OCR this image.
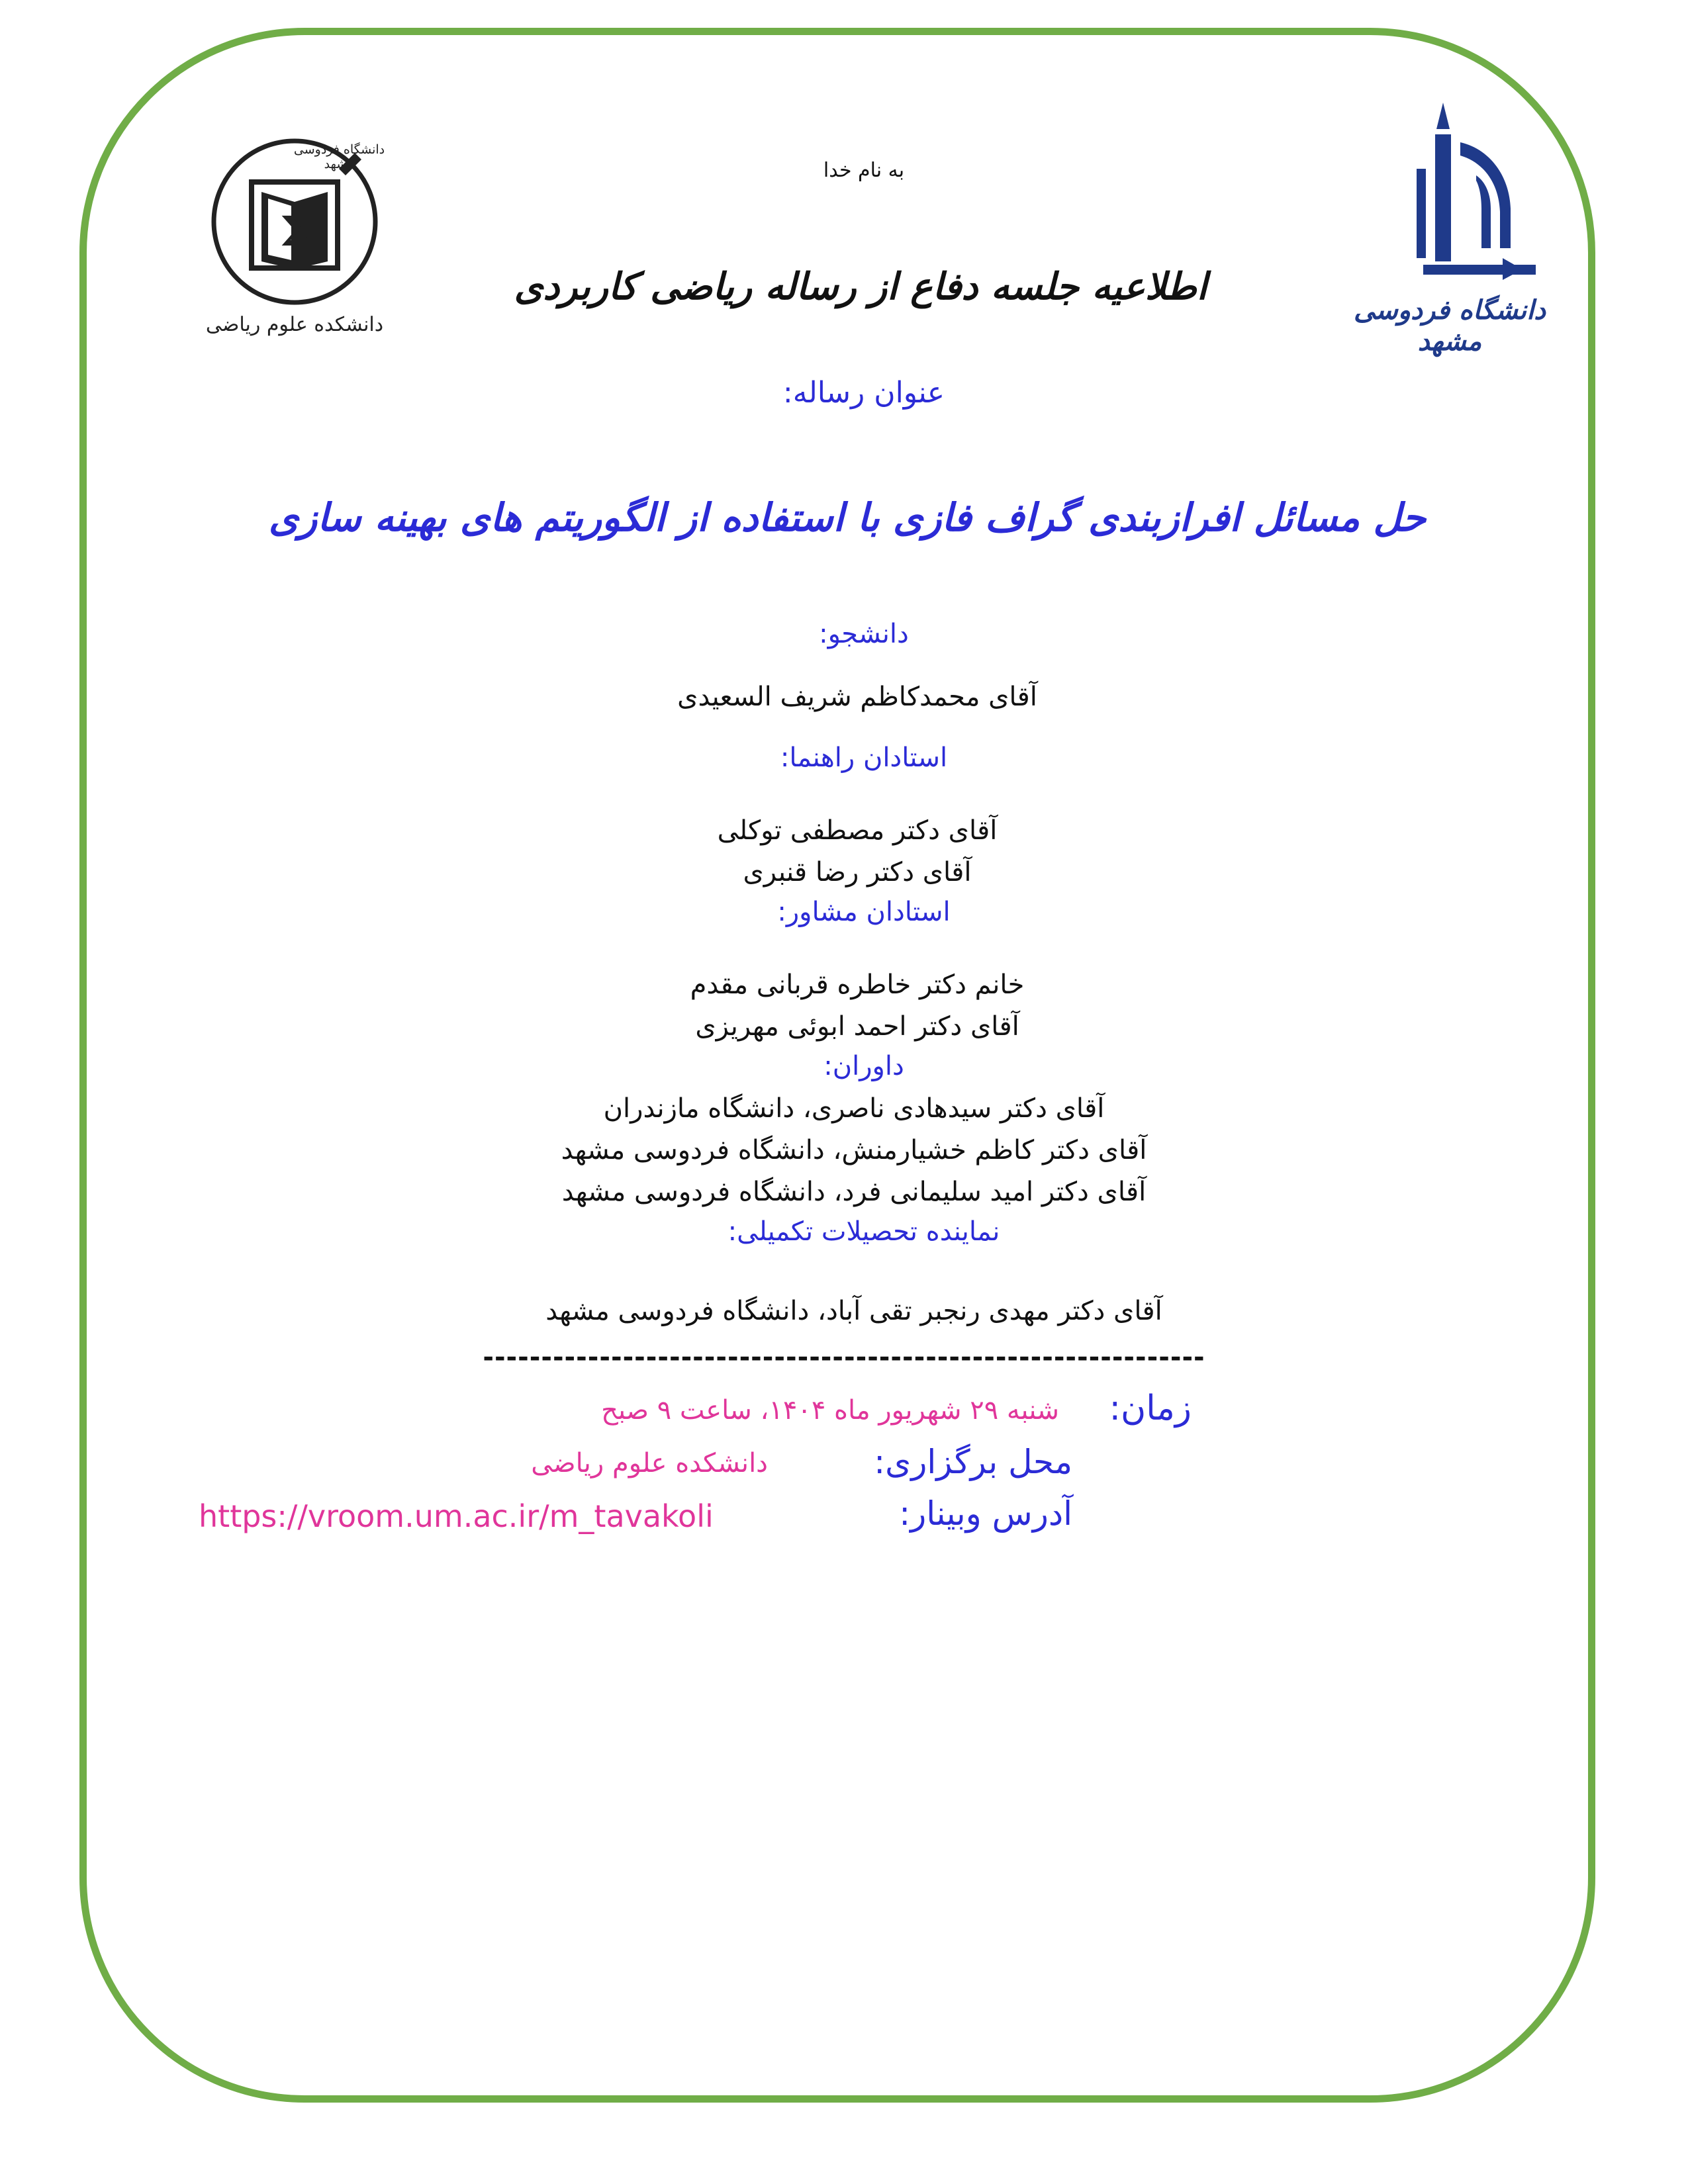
Σ
دانشگاه فردوسی مشهد
دانشکده علوم ریاضی	دانشگاه فردوسی مشهد
به نام خدا
اطلاعیه جلسه دفاع از رساله ریاضی کاربردی
عنوان رساله:
حل مسائل افرازبندی گراف فازی با استفاده از الگوریتم های بهینه سازی
دانشجو:
آقای محمدکاظم شریف السعیدی
استادان راهنما:
آقای دکتر مصطفی توکلی
آقای دکتر رضا قنبری
استادان مشاور:
خانم دکتر خاطره قربانی مقدم
آقای دکتر احمد ابوئی مهریزی
داوران:
آقای دکتر سیدهادی ناصری، دانشگاه مازندران
آقای دکتر کاظم خشیارمنش، دانشگاه فردوسی مشهد
آقای دکتر امید سلیمانی فرد، دانشگاه فردوسی مشهد
نماینده تحصیلات تکمیلی:
آقای دکتر مهدی رنجبر تقی آباد، دانشگاه فردوسی مشهد
--------------------------------------------------------------
زمان:
شنبه ۲۹ شهریور ماه ۱۴۰۴، ساعت ۹ صبح
محل برگزاری:
دانشکده علوم ریاضی
آدرس وبینار:
https://vroom.um.ac.ir/m_tavakoli
